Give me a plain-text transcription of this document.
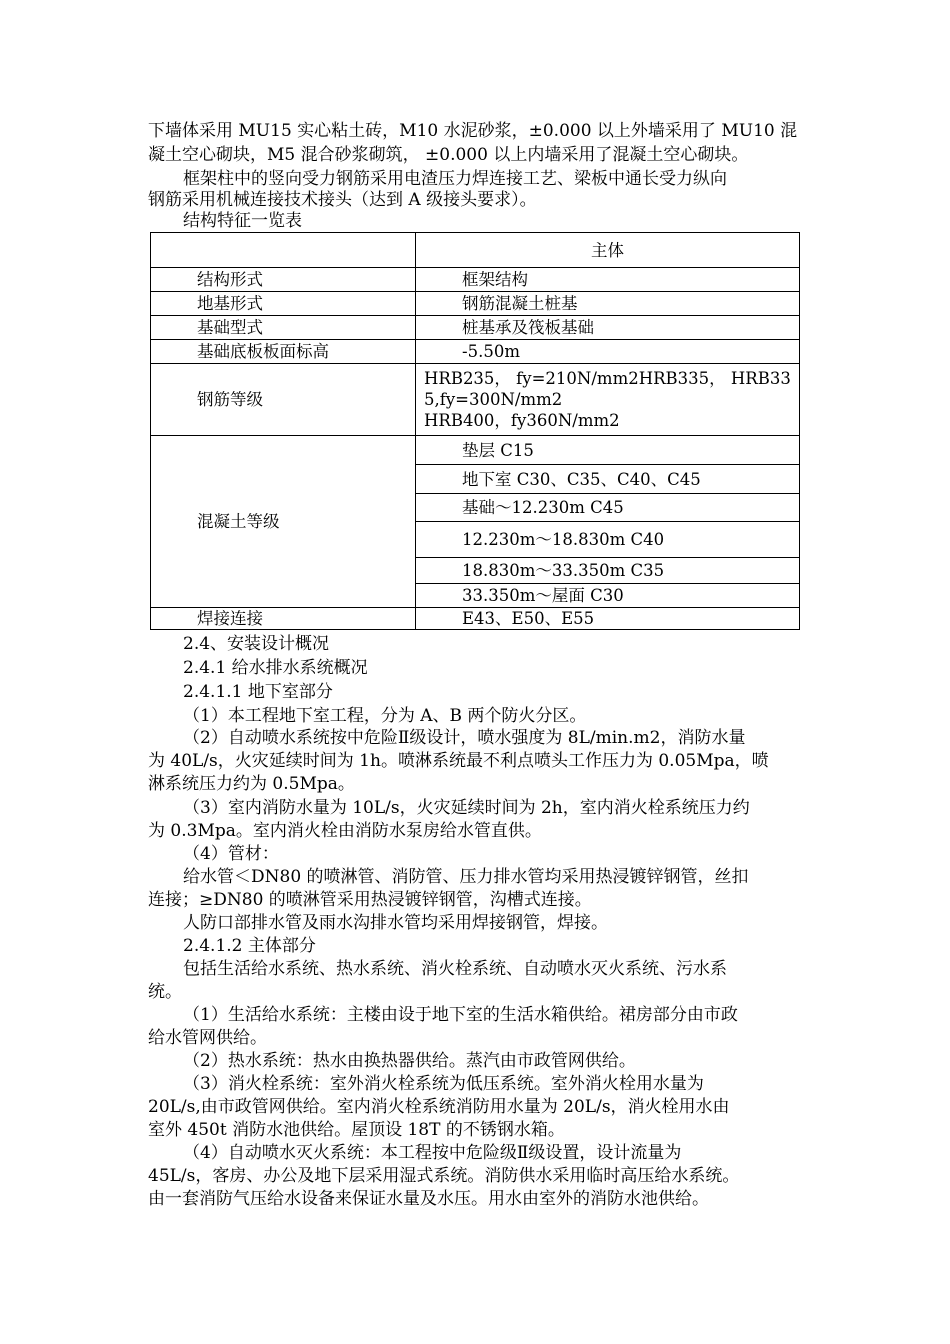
下墙体采用 MU15 实心粘土砖，M10 水泥砂浆，±0.000 以上外墙采用了 MU10 混
凝土空心砌块，M5 混合砂浆砌筑， ±0.000 以上内墙采用了混凝土空心砌块。
框架柱中的竖向受力钢筋采用电渣压力焊连接工艺、梁板中通长受力纵向
钢筋采用机械连接技术接头（达到 A 级接头要求）。
结构特征一览表
	主体
结构形式	框架结构
地基形式	钢筋混凝土桩基
基础型式	桩基承及筏板基础
基础底板板面标高	-5.50m
钢筋等级	HRB235， fy=210N/mm2HRB335， HRB335,fy=300N/mm2
HRB400，fy360N/mm2

混凝土等级	垫层 C15
	地下室 C30、C35、C40、C45
	基础～12.230m C45
	12.230m～18.830m C40
	18.830m～33.350m C35
	33.350m～屋面 C30
焊接连接	E43、E50、E55
2.4、安装设计概况
2.4.1 给水排水系统概况
2.4.1.1 地下室部分
（1）本工程地下室工程，分为 A、B 两个防火分区。
（2）自动喷水系统按中危险Ⅱ级设计，喷水强度为 8L/min.m2，消防水量
为 40L/s，火灾延续时间为 1h。喷淋系统最不利点喷头工作压力为 0.05Mpa，喷
淋系统压力约为 0.5Mpa。
（3）室内消防水量为 10L/s，火灾延续时间为 2h，室内消火栓系统压力约
为 0.3Mpa。室内消火栓由消防水泵房给水管直供。
（4）管材：
给水管＜DN80 的喷淋管、消防管、压力排水管均采用热浸镀锌钢管，丝扣
连接；≥DN80 的喷淋管采用热浸镀锌钢管，沟槽式连接。
人防口部排水管及雨水沟排水管均采用焊接钢管，焊接。
2.4.1.2 主体部分
包括生活给水系统、热水系统、消火栓系统、自动喷水灭火系统、污水系
统。
（1）生活给水系统：主楼由设于地下室的生活水箱供给。裙房部分由市政
给水管网供给。
（2）热水系统：热水由换热器供给。蒸汽由市政管网供给。
（3）消火栓系统：室外消火栓系统为低压系统。室外消火栓用水量为
20L/s,由市政管网供给。室内消火栓系统消防用水量为 20L/s，消火栓用水由
室外 450t 消防水池供给。屋顶设 18T 的不锈钢水箱。
（4）自动喷水灭火系统：本工程按中危险级Ⅱ级设置，设计流量为
45L/s，客房、办公及地下层采用湿式系统。消防供水采用临时高压给水系统。
由一套消防气压给水设备来保证水量及水压。用水由室外的消防水池供给。
